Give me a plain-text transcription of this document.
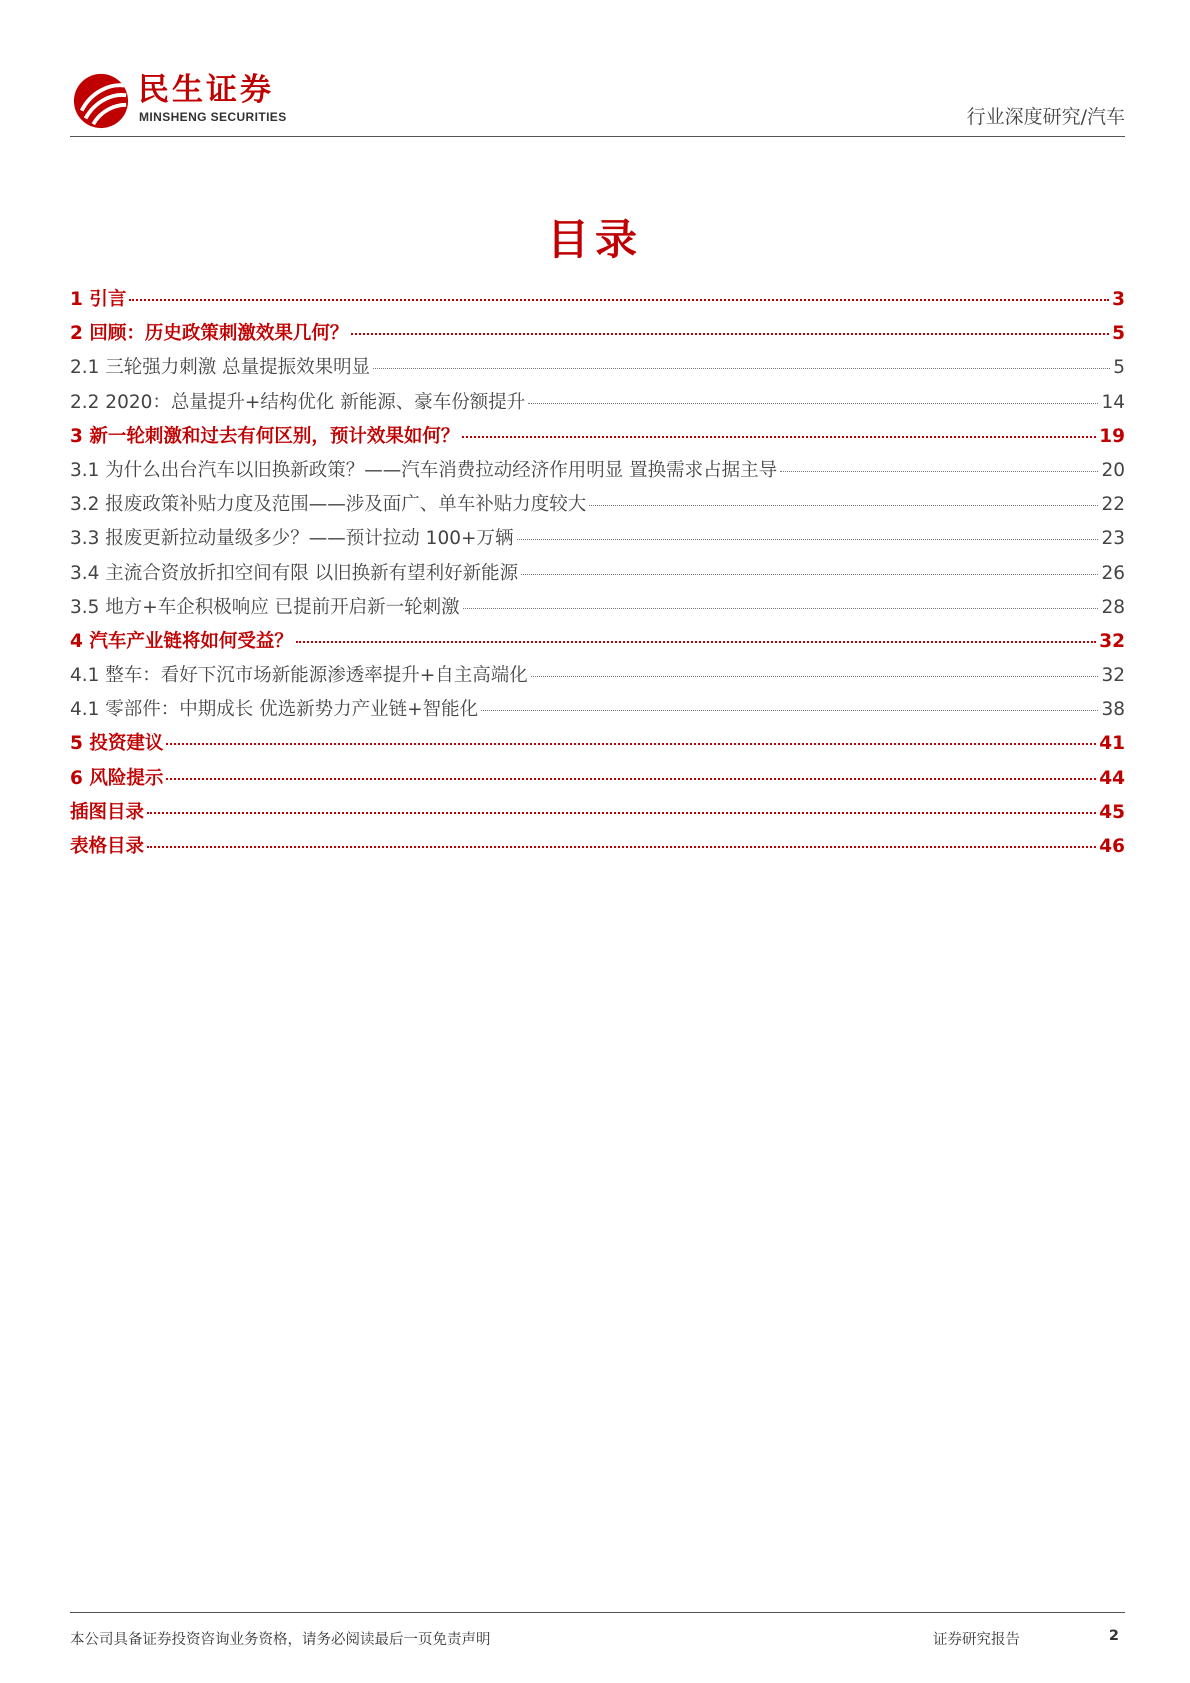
民生证券
MINSHENG SECURITIES	行业深度研究/汽车
目录
1 引言	3
2 回顾：历史政策刺激效果几何？	5
2.1 三轮强力刺激 总量提振效果明显	5
2.2 2020：总量提升+结构优化 新能源、豪车份额提升	14
3 新一轮刺激和过去有何区别，预计效果如何？	19
3.1 为什么出台汽车以旧换新政策？——汽车消费拉动经济作用明显 置换需求占据主导	20
3.2 报废政策补贴力度及范围——涉及面广、单车补贴力度较大	22
3.3 报废更新拉动量级多少？——预计拉动 100+万辆	23
3.4 主流合资放折扣空间有限 以旧换新有望利好新能源	26
3.5 地方+车企积极响应 已提前开启新一轮刺激	28
4 汽车产业链将如何受益？	32
4.1 整车：看好下沉市场新能源渗透率提升+自主高端化	32
4.1 零部件：中期成长 优选新势力产业链+智能化	38
5 投资建议	41
6 风险提示	44
插图目录	45
表格目录	46
本公司具备证券投资咨询业务资格，请务必阅读最后一页免责声明	证券研究报告	2
